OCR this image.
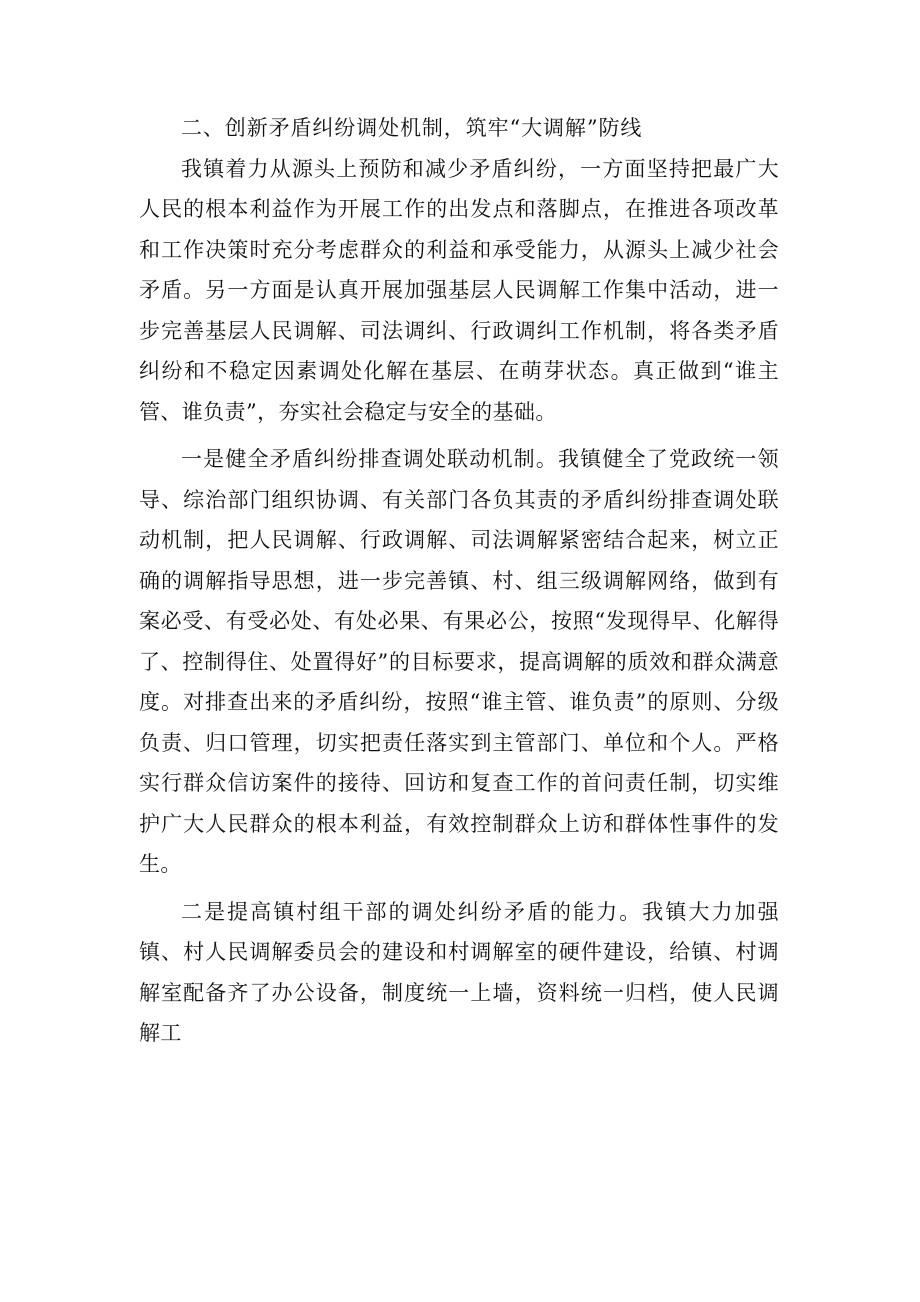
二、创新矛盾纠纷调处机制，筑牢“大调解”防线

我镇着力从源头上预防和减少矛盾纠纷，一方面坚持把最广大人民的根本利益作为开展工作的出发点和落脚点，在推进各项改革和工作决策时充分考虑群众的利益和承受能力，从源头上减少社会矛盾。另一方面是认真开展加强基层人民调解工作集中活动，进一步完善基层人民调解、司法调纠、行政调纠工作机制，将各类矛盾纠纷和不稳定因素调处化解在基层、在萌芽状态。真正做到“谁主管、谁负责”，夯实社会稳定与安全的基础。

一是健全矛盾纠纷排查调处联动机制。我镇健全了党政统一领导、综治部门组织协调、有关部门各负其责的矛盾纠纷排查调处联动机制，把人民调解、行政调解、司法调解紧密结合起来，树立正确的调解指导思想，进一步完善镇、村、组三级调解网络，做到有案必受、有受必处、有处必果、有果必公，按照“发现得早、化解得了、控制得住、处置得好”的目标要求，提高调解的质效和群众满意度。对排查出来的矛盾纠纷，按照“谁主管、谁负责”的原则、分级负责、归口管理，切实把责任落实到主管部门、单位和个人。严格实行群众信访案件的接待、回访和复查工作的首问责任制，切实维护广大人民群众的根本利益，有效控制群众上访和群体性事件的发生。

二是提高镇村组干部的调处纠纷矛盾的能力。我镇大力加强镇、村人民调解委员会的建设和村调解室的硬件建设，给镇、村调解室配备齐了办公设备，制度统一上墙，资料统一归档，使人民调解工
